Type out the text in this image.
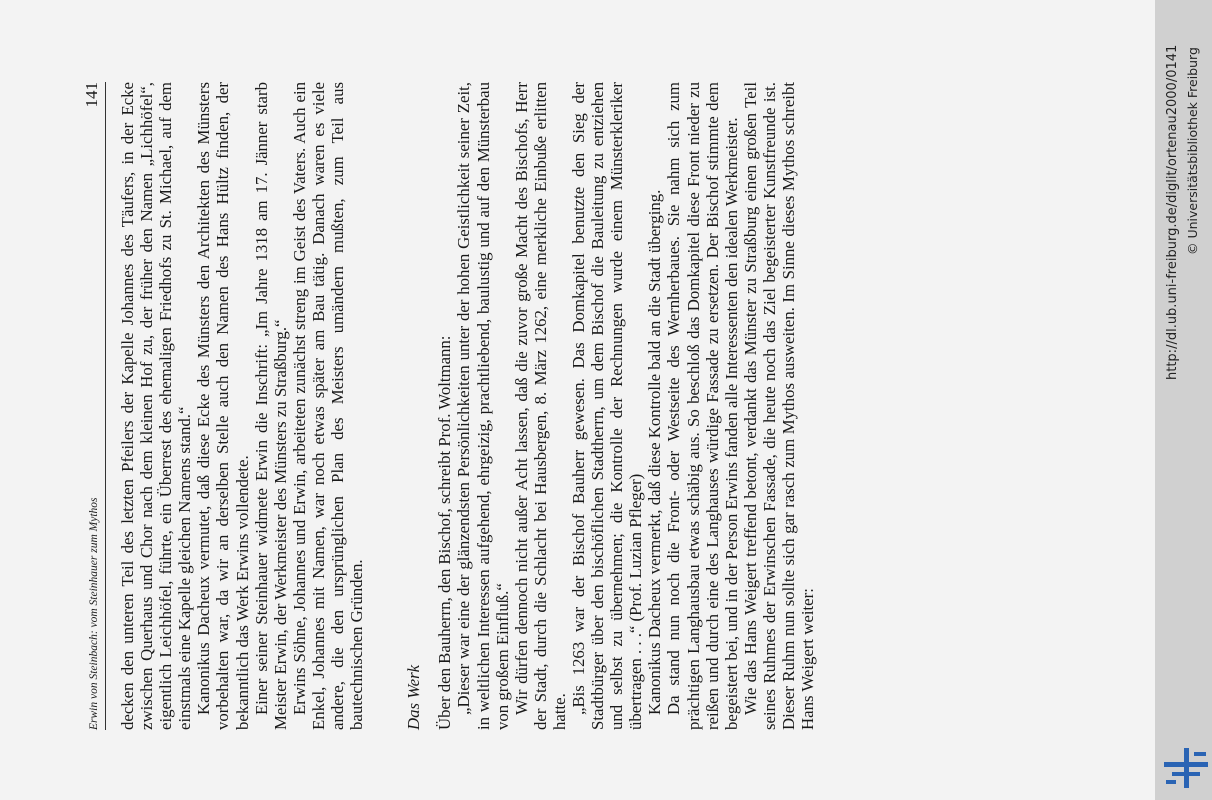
Erwin von Steinbach: vom Steinhauer zum Mythos
141 decken den unteren Teil des letzten Pfeilers der Kapelle Johannes des Täufers, in der Ecke zwischen Querhaus und Chor nach dem kleinen Hof zu, der früher den Namen „Lichhöfel“, eigentlich Leichhöfel, führte, ein Überrest des ehemaligen Friedhofs zu St. Michael, auf dem einstmals eine Kapelle gleichen Namens stand.“ Kanonikus Dacheux vermutet, daß diese Ecke des Münsters den Architekten des Münsters vorbehalten war, da wir an derselben Stelle auch den Namen des Hans Hültz finden, der bekanntlich das Werk Erwins vollendete. Einer seiner Steinhauer widmete Erwin die Inschrift: „Im Jahre 1318 am 17. Jänner starb Meister Erwin, der Werkmeister des Münsters zu Straßburg.“ Erwins Söhne, Johannes und Erwin, arbeiteten zunächst streng im Geist des Vaters. Auch ein Enkel, Johannes mit Namen, war noch etwas später am Bau tätig. Danach waren es viele andere, die den ursprünglichen Plan des Meisters umändern mußten, zum Teil aus bautechnischen Gründen. Das Werk Über den Bauherrn, den Bischof, schreibt Prof. Woltmann: „Dieser war eine der glänzendsten Persönlichkeiten unter der hohen Geistlichkeit seiner Zeit, in weltlichen Interessen aufgehend, ehrgeizig, prachtliebend, baulustig und auf den Münsterbau von großem Einfluß.“ Wir dürfen dennoch nicht außer Acht lassen, daß die zuvor große Macht des Bischofs, Herr der Stadt, durch die Schlacht bei Hausbergen, 8. März 1262, eine merkliche Einbuße erlitten hatte. „Bis 1263 war der Bischof Bauherr gewesen. Das Domkapitel benutzte den Sieg der Stadtbürger über den bischöflichen Stadtherrn, um dem Bischof die Bauleitung zu entziehen und selbst zu übernehmen; die Kontrolle der Rechnungen wurde einem Münsterkleriker übertragen . . .“ (Prof. Luzian Pfleger) Kanonikus Dacheux vermerkt, daß diese Kontrolle bald an die Stadt überging. Da stand nun noch die Front- oder Westseite des Wernherbaues. Sie nahm sich zum prächtigen Langhausbau etwas schäbig aus. So beschloß das Domkapitel diese Front nieder zu reißen und durch eine des Langhauses würdige Fassade zu ersetzen. Der Bischof stimmte dem begeistert bei, und in der Person Erwins fanden alle Interessenten den idealen Werkmeister. Wie das Hans Weigert treffend betont, verdankt das Münster zu Straßburg einen großen Teil seines Ruhmes der Erwinschen Fassade, die heute noch das Ziel begeisterter Kunstfreunde ist. Dieser Ruhm nun sollte sich gar rasch zum Mythos ausweiten. Im Sinne dieses Mythos schreibt Hans Weigert weiter:

http://dl.ub.uni-freiburg.de/diglit/ortenau2000/0141 © Universitätsbibliothek Freiburg
